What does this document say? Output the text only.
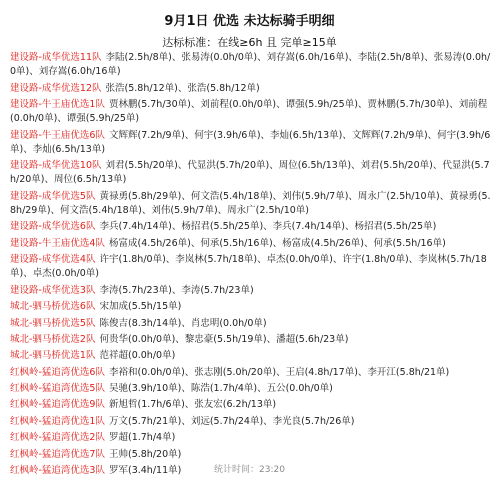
9月1日 优选 未达标骑手明细
达标标准：在线≥6h 且 完单≥15单
建设路-成华优选11队 李陆(2.5h/8单)、张易涛(0.0h/0单)、刘存嵩(6.0h/16单)、李陆(2.5h/8单)、张易涛(0.0h/0单)、刘存嵩(6.0h/16单)
建设路-成华优选12队 张浩(5.8h/12单)、张浩(5.8h/12单)
建设路-牛王庙优选1队 贾林鹏(5.7h/30单)、刘前程(0.0h/0单)、谭强(5.9h/25单)、贾林鹏(5.7h/30单)、刘前程(0.0h/0单)、谭强(5.9h/25单)
建设路-牛王庙优选6队 文辉辉(7.2h/9单)、何宇(3.9h/6单)、李灿(6.5h/13单)、文辉辉(7.2h/9单)、何宇(3.9h/6单)、李灿(6.5h/13单)
建设路-成华优选10队 刘君(5.5h/20单)、代显洪(5.7h/20单)、周位(6.5h/13单)、刘君(5.5h/20单)、代显洪(5.7h/20单)、周位(6.5h/13单)
建设路-成华优选5队 黄禄勇(5.8h/29单)、何文浩(5.4h/18单)、刘伟(5.9h/7单)、周永广(2.5h/10单)、黄禄勇(5.8h/29单)、何文浩(5.4h/18单)、刘伟(5.9h/7单)、周永广(2.5h/10单)
建设路-成华优选6队 李兵(7.4h/14单)、杨招君(5.5h/25单)、李兵(7.4h/14单)、杨招君(5.5h/25单)
建设路-牛王庙优选4队 杨富成(4.5h/26单)、何承(5.5h/16单)、杨富成(4.5h/26单)、何承(5.5h/16单)
建设路-成华优选4队 许宇(1.8h/0单)、李岚林(5.7h/18单)、卓杰(0.0h/0单)、许宇(1.8h/0单)、李岚林(5.7h/18单)、卓杰(0.0h/0单)
建设路-成华优选3队 李涛(5.7h/23单)、李涛(5.7h/23单)
城北-驷马桥优选6队 宋加成(5.5h/15单)
城北-驷马桥优选5队 陈俊吉(8.3h/14单)、肖忠明(0.0h/0单)
城北-驷马桥优选2队 何贵华(0.0h/0单)、黎忠豪(5.5h/19单)、潘超(5.6h/23单)
城北-驷马桥优选1队 范祥超(0.0h/0单)
红枫岭-猛追湾优选6队 李裕和(0.0h/0单)、张志刚(5.0h/20单)、王启(4.8h/17单)、李开江(5.8h/21单)
红枫岭-猛追湾优选5队 吴驰(3.9h/10单)、陈浩(1.7h/4单)、五公(0.0h/0单)
红枫岭-猛追湾优选9队 新旭哲(1.7h/6单)、张友宏(6.2h/13单)
红枫岭-猛追湾优选1队 万文(5.7h/21单)、刘远(5.7h/24单)、李光良(5.7h/26单)
红枫岭-猛追湾优选2队 罗超(1.7h/4单)
红枫岭-猛追湾优选7队 王帅(5.8h/20单)
红枫岭-猛追湾优选3队 罗军(3.4h/11单)	统计时间：23:20
